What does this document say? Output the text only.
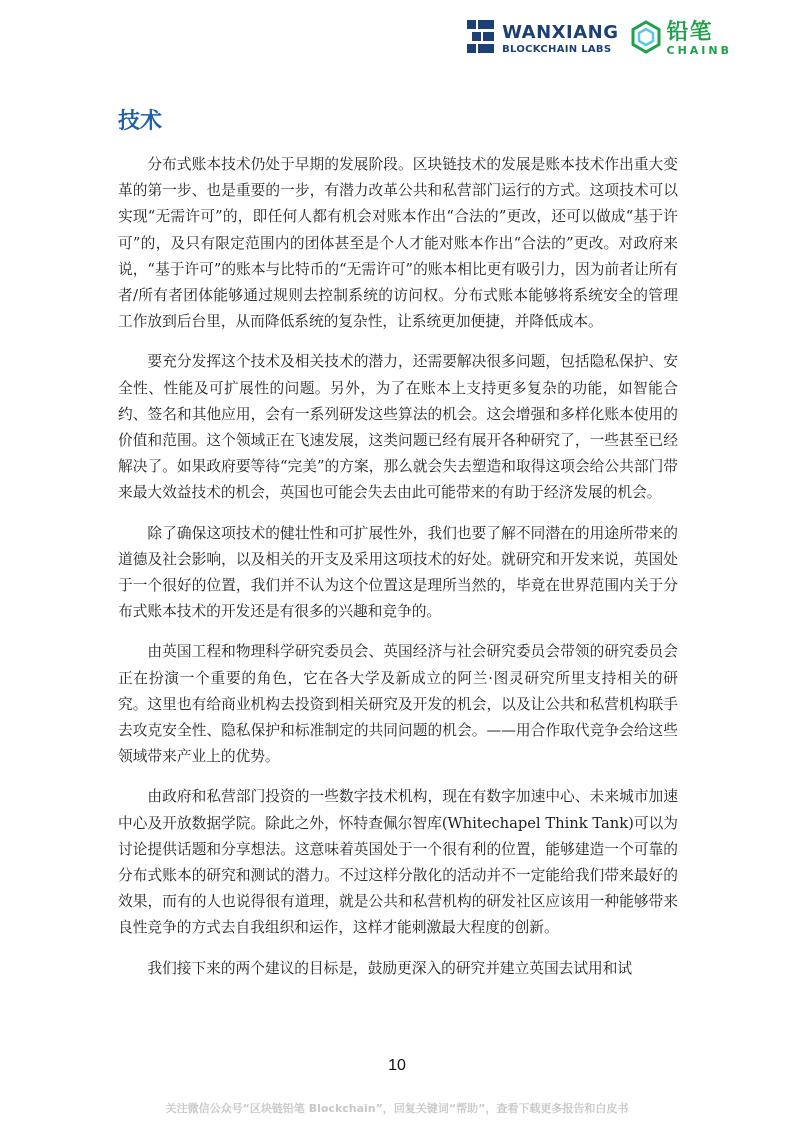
WANXIANG
BLOCKCHAIN LABS
铅笔
CHAINB
技术

分布式账本技术仍处于早期的发展阶段。区块链技术的发展是账本技术作出重大变革的第一步、也是重要的一步，有潜力改革公共和私营部门运行的方式。这项技术可以实现“无需许可”的，即任何人都有机会对账本作出“合法的”更改，还可以做成“基于许可”的，及只有限定范围内的团体甚至是个人才能对账本作出“合法的”更改。对政府来说，“基于许可”的账本与比特币的“无需许可”的账本相比更有吸引力，因为前者让所有者/所有者团体能够通过规则去控制系统的访问权。分布式账本能够将系统安全的管理工作放到后台里，从而降低系统的复杂性，让系统更加便捷，并降低成本。

要充分发挥这个技术及相关技术的潜力，还需要解决很多问题，包括隐私保护、安全性、性能及可扩展性的问题。另外，为了在账本上支持更多复杂的功能，如智能合约、签名和其他应用，会有一系列研发这些算法的机会。这会增强和多样化账本使用的价值和范围。这个领域正在飞速发展，这类问题已经有展开各种研究了，一些甚至已经解决了。如果政府要等待“完美”的方案，那么就会失去塑造和取得这项会给公共部门带来最大效益技术的机会，英国也可能会失去由此可能带来的有助于经济发展的机会。

除了确保这项技术的健壮性和可扩展性外，我们也要了解不同潜在的用途所带来的道德及社会影响，以及相关的开支及采用这项技术的好处。就研究和开发来说，英国处于一个很好的位置，我们并不认为这个位置这是理所当然的，毕竟在世界范围内关于分布式账本技术的开发还是有很多的兴趣和竞争的。

由英国工程和物理科学研究委员会、英国经济与社会研究委员会带领的研究委员会正在扮演一个重要的角色，它在各大学及新成立的阿兰·图灵研究所里支持相关的研究。这里也有给商业机构去投资到相关研究及开发的机会，以及让公共和私营机构联手去攻克安全性、隐私保护和标准制定的共同问题的机会。——用合作取代竞争会给这些领域带来产业上的优势。

由政府和私营部门投资的一些数字技术机构，现在有数字加速中心、未来城市加速中心及开放数据学院。除此之外，怀特查佩尔智库(Whitechapel Think Tank)可以为讨论提供话题和分享想法。这意味着英国处于一个很有利的位置，能够建造一个可靠的分布式账本的研究和测试的潜力。不过这样分散化的活动并不一定能给我们带来最好的效果，而有的人也说得很有道理，就是公共和私营机构的研发社区应该用一种能够带来良性竞争的方式去自我组织和运作，这样才能刺激最大程度的创新。

我们接下来的两个建议的目标是，鼓励更深入的研究并建立英国去试用和试

10
关注微信公众号“区块链铅笔 Blockchain”，回复关键词“帮助”，查看下载更多报告和白皮书
